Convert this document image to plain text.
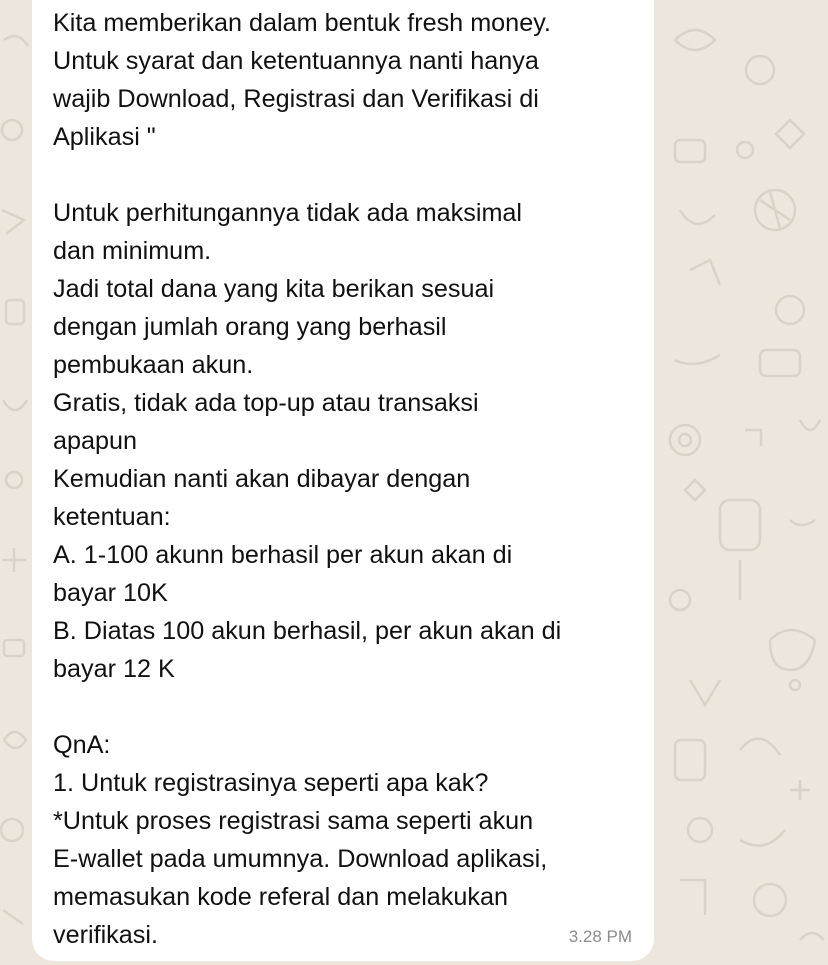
Kita memberikan dalam bentuk fresh money.
Untuk syarat dan ketentuannya nanti hanya
wajib Download, Registrasi dan Verifikasi di
Aplikasi "

Untuk perhitungannya tidak ada maksimal
dan minimum.
Jadi total dana yang kita berikan sesuai
dengan jumlah orang yang berhasil
pembukaan akun.
Gratis, tidak ada top-up atau transaksi
apapun
Kemudian nanti akan dibayar dengan
ketentuan:
A. 1-100 akunn berhasil per akun akan di
bayar 10K
B. Diatas 100 akun berhasil, per akun akan di
bayar 12 K

QnA:
1. Untuk registrasinya seperti apa kak?
*Untuk proses registrasi sama seperti akun
E-wallet pada umumnya. Download aplikasi,
memasukan kode referal dan melakukan
verifikasi.	3.28 PM
